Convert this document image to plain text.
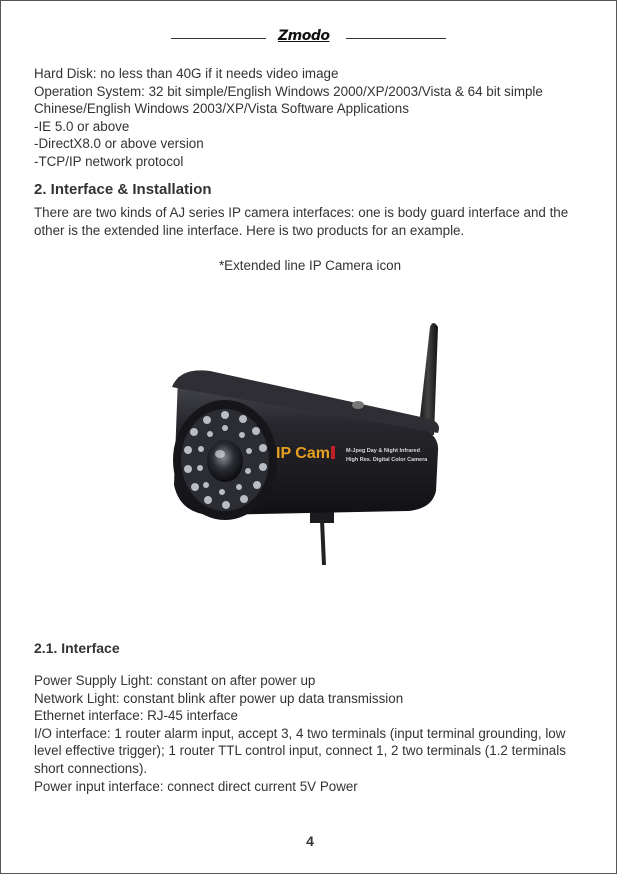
Zmodo

Hard Disk: no less than 40G if it needs video image

Operation System: 32 bit simple/English Windows 2000/XP/2003/Vista & 64 bit simple Chinese/English Windows 2003/XP/Vista Software Applications

-IE 5.0 or above

-DirectX8.0 or above version

-TCP/IP network protocol

2. Interface & Installation

There are two kinds of AJ series IP camera interfaces: one is body guard interface and the other is the extended line interface. Here is two products for an example.

*Extended line IP Camera icon
IP Cam	M-Jpeg Day & Night Infrared
High Res. Digital Color Camera
2.1. Interface

Power Supply Light: constant on after power up

Network Light: constant blink after power up data transmission

Ethernet interface: RJ-45 interface

I/O interface: 1 router alarm input, accept 3, 4 two terminals (input terminal grounding, low level effective trigger); 1 router TTL control input, connect 1, 2 two terminals (1.2 terminals short connections).

Power input interface: connect direct current 5V Power

4
